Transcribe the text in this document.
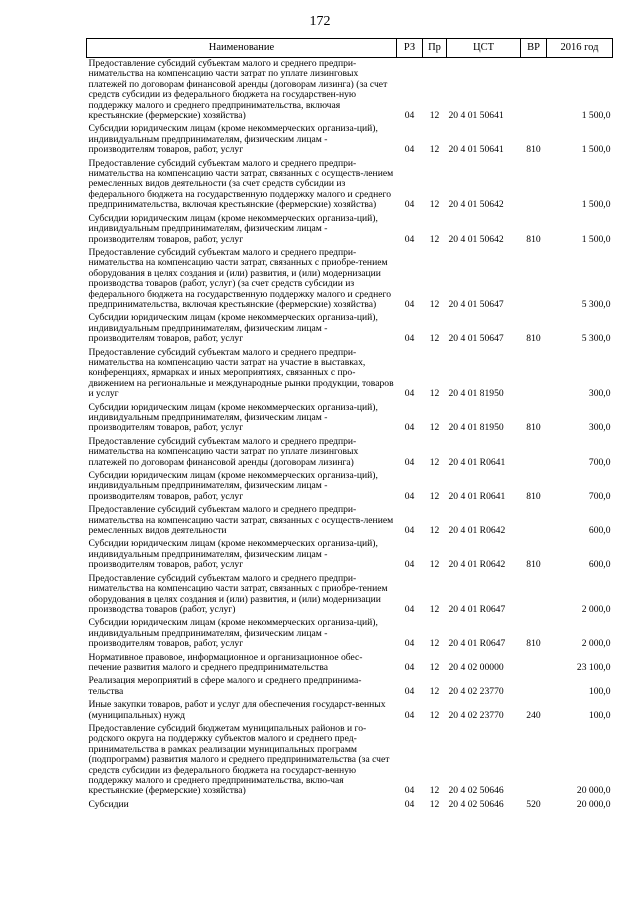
172
Наименование	РЗ	Пр	ЦСТ	ВР	2016 год
Предоставление субсидий субъектам малого и среднего предпри-нимательства на компенсацию части затрат по уплате лизинговых платежей по договорам финансовой аренды (договорам лизинга) (за счет средств субсидии из федерального бюджета на государствен-ную поддержку малого и среднего предпринимательства, включая крестьянские (фермерские) хозяйства)	04	12	20 4 01 50641		1 500,0
Субсидии юридическим лицам (кроме некоммерческих организа-ций), индивидуальным предпринимателям, физическим лицам - производителям товаров, работ, услуг	04	12	20 4 01 50641	810	1 500,0
Предоставление субсидий субъектам малого и среднего предпри-нимательства на компенсацию части затрат, связанных с осуществ-лением ремесленных видов деятельности (за счет средств субсидии из федерального бюджета на государственную поддержку малого и среднего предпринимательства, включая крестьянские (фермерские) хозяйства)	04	12	20 4 01 50642		1 500,0
Субсидии юридическим лицам (кроме некоммерческих организа-ций), индивидуальным предпринимателям, физическим лицам - производителям товаров, работ, услуг	04	12	20 4 01 50642	810	1 500,0
Предоставление субсидий субъектам малого и среднего предпри-нимательства на компенсацию части затрат, связанных с приобре-тением оборудования в целях создания и (или) развития, и (или) модернизации производства товаров (работ, услуг) (за счет средств субсидии из федерального бюджета на государственную поддержку малого и среднего предпринимательства, включая крестьянские (фермерские) хозяйства)	04	12	20 4 01 50647		5 300,0
Субсидии юридическим лицам (кроме некоммерческих организа-ций), индивидуальным предпринимателям, физическим лицам - производителям товаров, работ, услуг	04	12	20 4 01 50647	810	5 300,0
Предоставление субсидий субъектам малого и среднего предпри-нимательства на компенсацию части затрат на участие в выставках, конференциях, ярмарках и иных мероприятиях, связанных с про-движением на региональные и международные рынки продукции, товаров и услуг	04	12	20 4 01 81950		300,0
Субсидии юридическим лицам (кроме некоммерческих организа-ций), индивидуальным предпринимателям, физическим лицам - производителям товаров, работ, услуг	04	12	20 4 01 81950	810	300,0
Предоставление субсидий субъектам малого и среднего предпри-нимательства на компенсацию части затрат по уплате лизинговых платежей по договорам финансовой аренды (договорам лизинга)	04	12	20 4 01 R0641		700,0
Субсидии юридическим лицам (кроме некоммерческих организа-ций), индивидуальным предпринимателям, физическим лицам - производителям товаров, работ, услуг	04	12	20 4 01 R0641	810	700,0
Предоставление субсидий субъектам малого и среднего предпри-нимательства на компенсацию части затрат, связанных с осуществ-лением ремесленных видов деятельности	04	12	20 4 01 R0642		600,0
Субсидии юридическим лицам (кроме некоммерческих организа-ций), индивидуальным предпринимателям, физическим лицам - производителям товаров, работ, услуг	04	12	20 4 01 R0642	810	600,0
Предоставление субсидий субъектам малого и среднего предпри-нимательства на компенсацию части затрат, связанных с приобре-тением оборудования в целях создания и (или) развития, и (или) модернизации производства товаров (работ, услуг)	04	12	20 4 01 R0647		2 000,0
Субсидии юридическим лицам (кроме некоммерческих организа-ций), индивидуальным предпринимателям, физическим лицам - производителям товаров, работ, услуг	04	12	20 4 01 R0647	810	2 000,0
Нормативное правовое, информационное и организационное обес-печение развития малого и среднего предпринимательства	04	12	20 4 02 00000		23 100,0
Реализация мероприятий в сфере малого и среднего предпринима-тельства	04	12	20 4 02 23770		100,0
Иные закупки товаров, работ и услуг для обеспечения государст-венных (муниципальных) нужд	04	12	20 4 02 23770	240	100,0
Предоставление субсидий бюджетам муниципальных районов и го-родского округа на поддержку субъектов малого и среднего пред-принимательства в рамках реализации муниципальных программ (подпрограмм) развития малого и среднего предпринимательства (за счет средств субсидии из федерального бюджета на государст-венную поддержку малого и среднего предпринимательства, вклю-чая крестьянские (фермерские) хозяйства)	04	12	20 4 02 50646		20 000,0
Субсидии	04	12	20 4 02 50646	520	20 000,0
